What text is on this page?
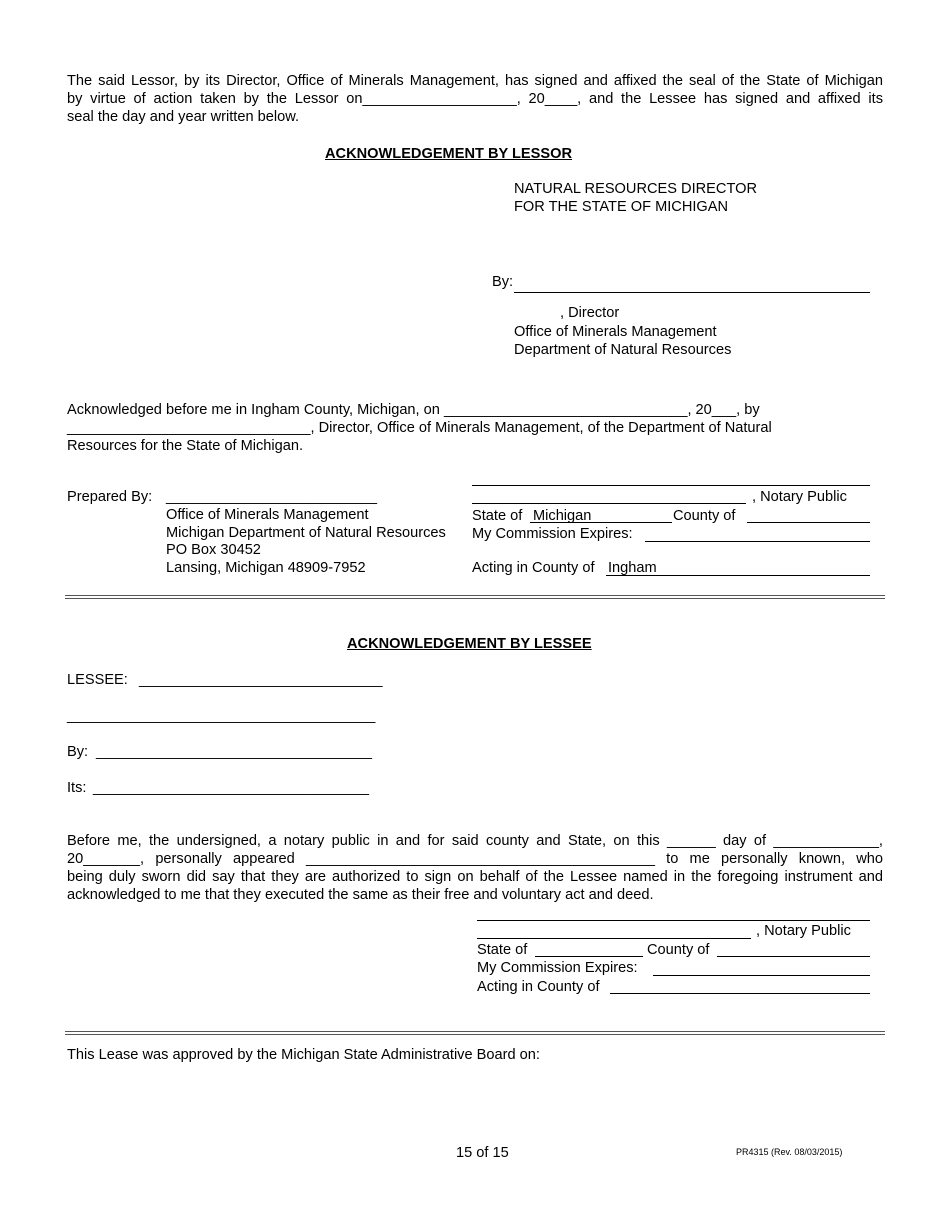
The said Lessor, by its Director, Office of Minerals Management, has signed and affixed the seal of the State of Michigan

by virtue of action taken by the Lessor on___________________, 20____, and the Lessee has signed and affixed its

seal the day and year written below.

ACKNOWLEDGEMENT BY LESSOR
NATURAL RESOURCES DIRECTOR
FOR THE STATE OF MICHIGAN
By:
, Director
Office of Minerals Management
Department of Natural Resources
Acknowledged before me in Ingham County, Michigan, on ______________________________, 20___, by
______________________________, Director, Office of Minerals Management, of the Department of Natural
Resources for the State of Michigan.
Prepared By: __________________________
Office of Minerals Management
Michigan Department of Natural Resources
PO Box 30452
Lansing, Michigan 48909-7952
, Notary Public
State of Michigan	County of
My Commission Expires:
Acting in County of Ingham
ACKNOWLEDGEMENT BY LESSEE
LESSEE: ______________________________
______________________________________
By: __________________________________
Its: __________________________________

Before me, the undersigned, a notary public in and for said county and State, on this ______ day of _____________,

20_______, personally appeared ___________________________________________ to me personally known, who

being duly sworn did say that they are authorized to sign on behalf of the Lessee named in the foregoing instrument and

acknowledged to me that they executed the same as their free and voluntary act and deed.

, Notary Public
State of	County of
My Commission Expires:
Acting in County of
This Lease was approved by the Michigan State Administrative Board on:
15 of 15	PR4315 (Rev. 08/03/2015)
